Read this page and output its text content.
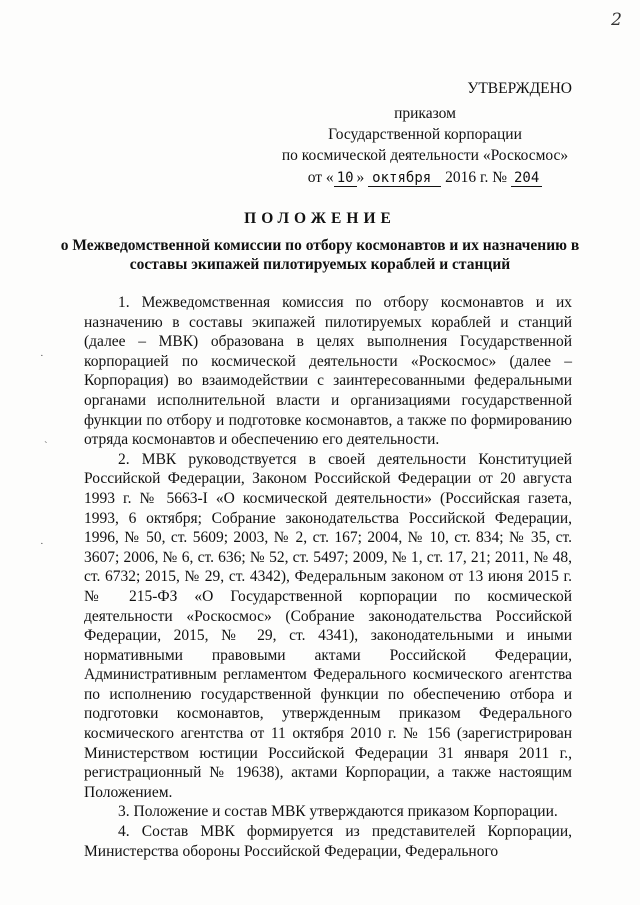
2
УТВЕРЖДЕНО
приказом
Государственной корпорации
по космической деятельности «Роскосмос»
от « 10 » октября 2016 г. № 204
ПОЛОЖЕНИЕ
о Межведомственной комиссии по отбору космонавтов и их назначению в составы экипажей пилотируемых кораблей и станций

1. Межведомственная комиссия по отбору космонавтов и их назначению в составы экипажей пилотируемых кораблей и станций (далее – МВК) образована в целях выполнения Государственной корпорацией по космической деятельности «Роскосмос» (далее – Корпорация) во взаимодействии с заинтересованными федеральными органами исполнительной власти и организациями государственной функции по отбору и подготовке космонавтов, а также по формированию отряда космонавтов и обеспечению его деятельности.

2. МВК руководствуется в своей деятельности Конституцией Российской Федерации, Законом Российской Федерации от 20 августа 1993 г. № 5663-I «О космической деятельности» (Российская газета, 1993, 6 октября; Собрание законодательства Российской Федерации, 1996, № 50, ст. 5609; 2003, № 2, ст. 167; 2004, № 10, ст. 834; № 35, ст. 3607; 2006, № 6, ст. 636; № 52, ст. 5497; 2009, № 1, ст. 17, 21; 2011, № 48, ст. 6732; 2015, № 29, ст. 4342), Федеральным законом от 13 июня 2015 г. № 215-ФЗ «О Государственной корпорации по космической деятельности «Роскосмос» (Собрание законодательства Российской Федерации, 2015, № 29, ст. 4341), законодательными и иными нормативными правовыми актами Российской Федерации, Административным регламентом Федерального космического агентства по исполнению государственной функции по обеспечению отбора и подготовки космонавтов, утвержденным приказом Федерального космического агентства от 11 октября 2010 г. № 156 (зарегистрирован Министерством юстиции Российской Федерации 31 января 2011 г., регистрационный № 19638), актами Корпорации, а также настоящим Положением.

3. Положение и состав МВК утверждаются приказом Корпорации.

4. Состав МВК формируется из представителей Корпорации, Министерства обороны Российской Федерации, Федерального

·
`
·
